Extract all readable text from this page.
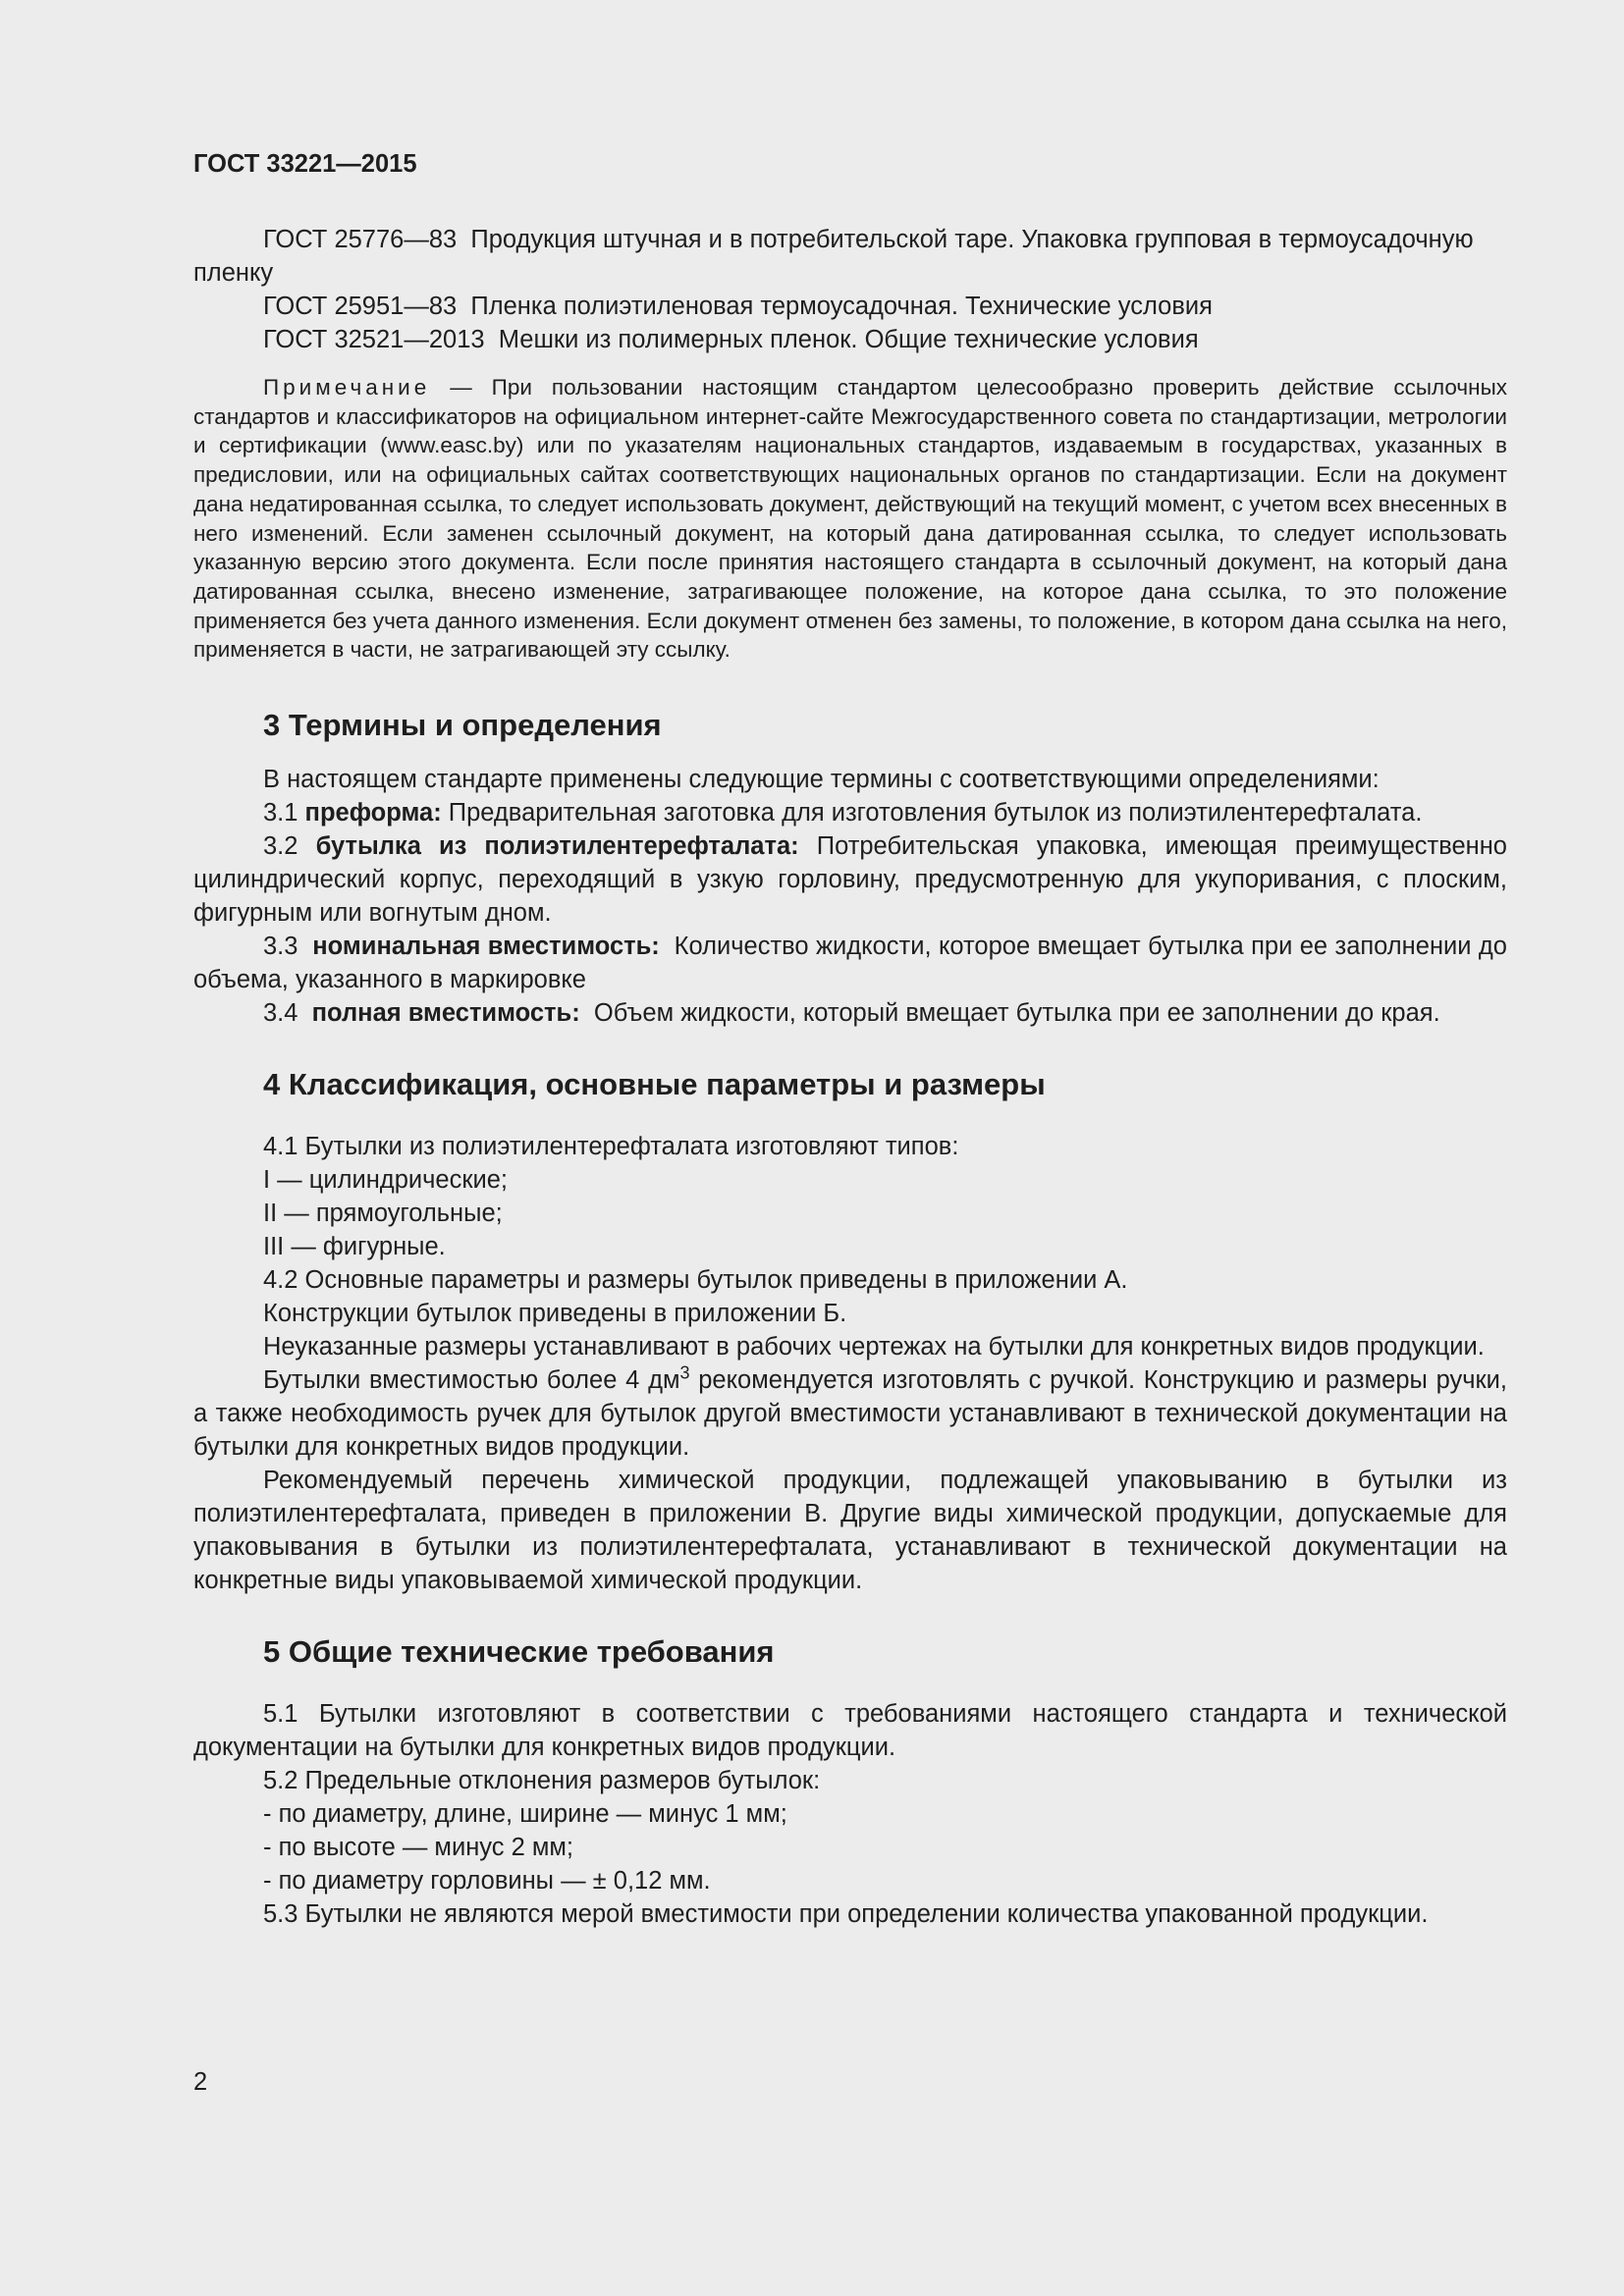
ГОСТ 33221—2015

ГОСТ 25776—83 Продукция штучная и в потребительской таре. Упаковка групповая в термоусадочную пленку

ГОСТ 25951—83 Пленка полиэтиленовая термоусадочная. Технические условия

ГОСТ 32521—2013 Мешки из полимерных пленок. Общие технические условия

Примечание — При пользовании настоящим стандартом целесообразно проверить действие ссылочных стандартов и классификаторов на официальном интернет-сайте Межгосударственного совета по стандартизации, метрологии и сертификации (www.easc.by) или по указателям национальных стандартов, издаваемым в государствах, указанных в предисловии, или на официальных сайтах соответствующих национальных органов по стандартизации. Если на документ дана недатированная ссылка, то следует использовать документ, действующий на текущий момент, с учетом всех внесенных в него изменений. Если заменен ссылочный документ, на который дана датированная ссылка, то следует использовать указанную версию этого документа. Если после принятия настоящего стандарта в ссылочный документ, на который дана датированная ссылка, внесено изменение, затрагивающее положение, на которое дана ссылка, то это положение применяется без учета данного изменения. Если документ отменен без замены, то положение, в котором дана ссылка на него, применяется в части, не затрагивающей эту ссылку.

3 Термины и определения

В настоящем стандарте применены следующие термины с соответствующими определениями:

3.1 преформа: Предварительная заготовка для изготовления бутылок из полиэтилентерефталата.

3.2 бутылка из полиэтилентерефталата: Потребительская упаковка, имеющая преимущественно цилиндрический корпус, переходящий в узкую горловину, предусмотренную для укупоривания, с плоским, фигурным или вогнутым дном.

3.3 номинальная вместимость: Количество жидкости, которое вмещает бутылка при ее заполнении до объема, указанного в маркировке

3.4 полная вместимость: Объем жидкости, который вмещает бутылка при ее заполнении до края.

4 Классификация, основные параметры и размеры

4.1 Бутылки из полиэтилентерефталата изготовляют типов:

I — цилиндрические;

II — прямоугольные;

III — фигурные.

4.2 Основные параметры и размеры бутылок приведены в приложении А.

Конструкции бутылок приведены в приложении Б.

Неуказанные размеры устанавливают в рабочих чертежах на бутылки для конкретных видов продукции.

Бутылки вместимостью более 4 $дм^3$ рекомендуется изготовлять с ручкой. Конструкцию и размеры ручки, а также необходимость ручек для бутылок другой вместимости устанавливают в технической документации на бутылки для конкретных видов продукции.

Рекомендуемый перечень химической продукции, подлежащей упаковыванию в бутылки из полиэтилентерефталата, приведен в приложении В. Другие виды химической продукции, допускаемые для упаковывания в бутылки из полиэтилентерефталата, устанавливают в технической документации на конкретные виды упаковываемой химической продукции.

5 Общие технические требования

5.1 Бутылки изготовляют в соответствии с требованиями настоящего стандарта и технической документации на бутылки для конкретных видов продукции.

5.2 Предельные отклонения размеров бутылок:

- по диаметру, длине, ширине — минус 1 мм;

- по высоте — минус 2 мм;

- по диаметру горловины — ± 0,12 мм.

5.3 Бутылки не являются мерой вместимости при определении количества упакованной продукции.

2
